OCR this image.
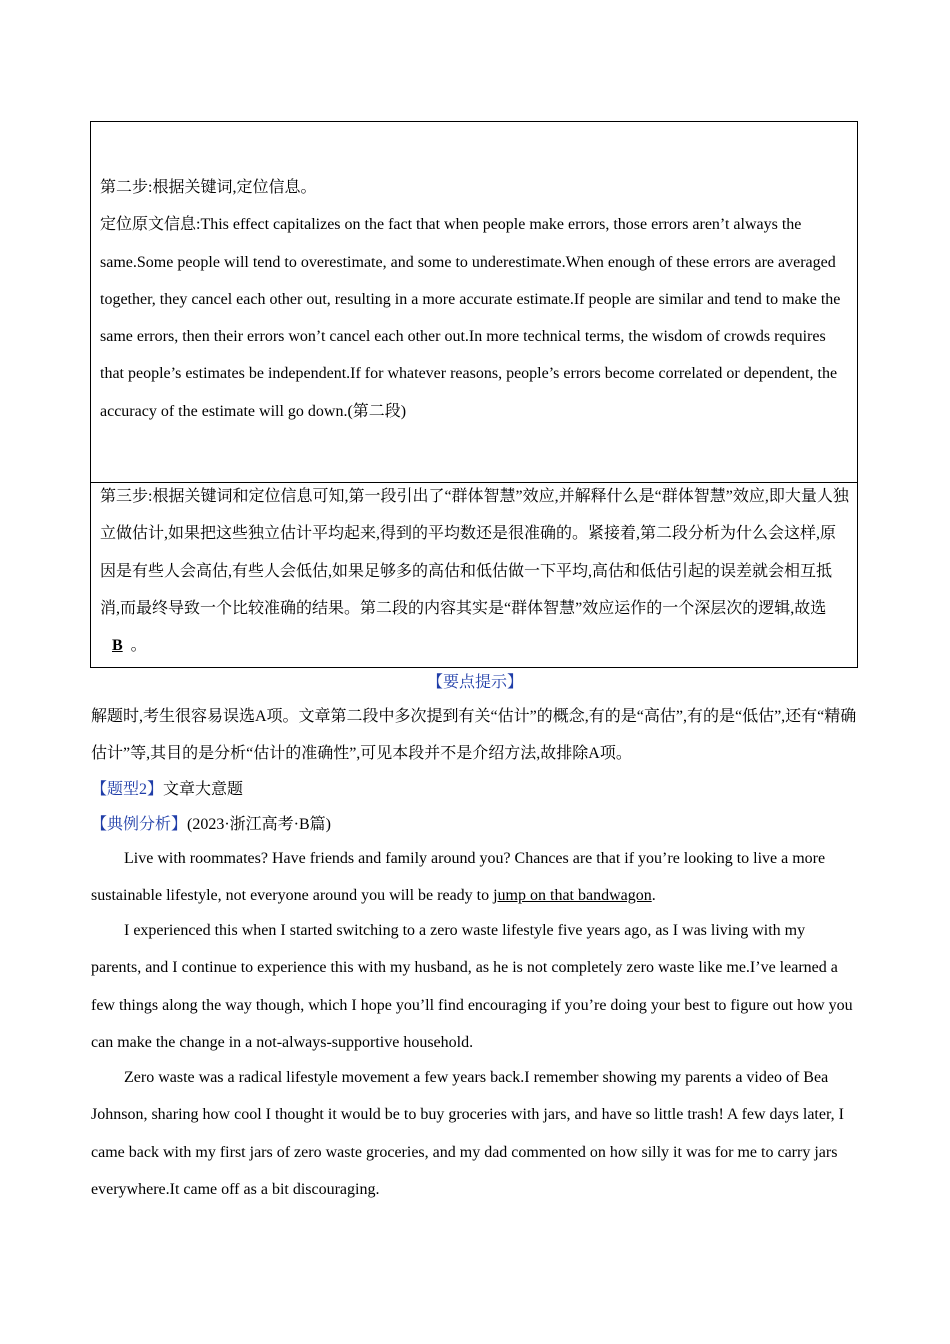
第二步:根据关键词,定位信息。
定位原文信息:This effect capitalizes on the fact that when people make errors, those errors aren’t always the same.Some people will tend to overestimate, and some to underestimate.When enough of these errors are averaged together, they cancel each other out, resulting in a more accurate estimate.If people are similar and tend to make the same errors, then their errors won’t cancel each other out.In more technical terms, the wisdom of crowds requires that people’s estimates be independent.If for whatever reasons, people’s errors become correlated or dependent, the accuracy of the estimate will go down.(第二段)

第三步:根据关键词和定位信息可知,第一段引出了“群体智慧”效应,并解释什么是“群体智慧”效应,即大量人独立做估计,如果把这些独立估计平均起来,得到的平均数还是很准确的。紧接着,第二段分析为什么会这样,原因是有些人会高估,有些人会低估,如果足够多的高估和低估做一下平均,高估和低估引起的误差就会相互抵消,而最终导致一个比较准确的结果。第二段的内容其实是“群体智慧”效应运作的一个深层次的逻辑,故选B 。

【要点提示】

解题时,考生很容易误选A项。文章第二段中多次提到有关“估计”的概念,有的是“高估”,有的是“低估”,还有“精确估计”等,其目的是分析“估计的准确性”,可见本段并不是介绍方法,故排除A项。

【题型2】文章大意题

【典例分析】(2023·浙江高考·B篇)

Live with roommates? Have friends and family around you? Chances are that if you’re looking to live a more sustainable lifestyle, not everyone around you will be ready to jump on that bandwagon.

I experienced this when I started switching to a zero waste lifestyle five years ago, as I was living with my parents, and I continue to experience this with my husband, as he is not completely zero waste like me.I’ve learned a few things along the way though, which I hope you’ll find encouraging if you’re doing your best to figure out how you can make the change in a not-always-supportive household.

Zero waste was a radical lifestyle movement a few years back.I remember showing my parents a video of Bea Johnson, sharing how cool I thought it would be to buy groceries with jars, and have so little trash! A few days later, I came back with my first jars of zero waste groceries, and my dad commented on how silly it was for me to carry jars everywhere.It came off as a bit discouraging.
